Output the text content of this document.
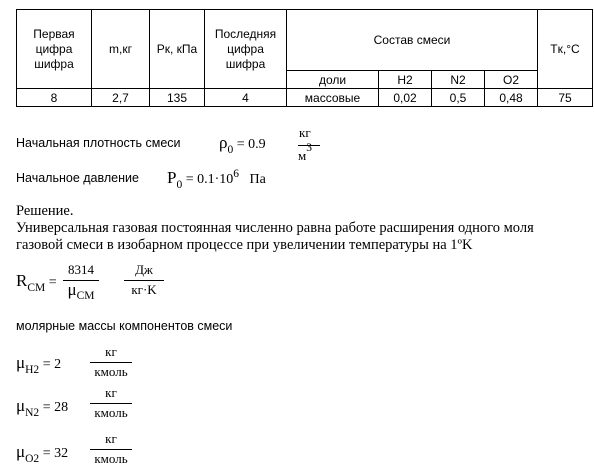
Первая цифра шифра	m,кг	Pк, кПа	Последняя цифра шифра	Состав смеси				Tк,°C
				доли	H2	N2	O2	
8	2,7	135	4	массовые	0,02	0,5	0,48	75
Начальная плотность смеси $\rho_0 = 0.9$
кг
м3
Начальное давление $P_0 = 0.1\cdot 10^6$ Па
Решение.
Универсальная газовая постоянная численно равна работе расширения одного моля
газовой смеси в изобарном процессе при увеличении температуры на 1ºK
$R_{CM}$ =
8314
μCM
Дж
кг·K
молярные массы компонентов смеси
$\mu_{H2} = 2$
кг
кмоль
$\mu_{N2} = 28$
кг
кмоль
$\mu_{O2} = 32$
кг
кмоль
